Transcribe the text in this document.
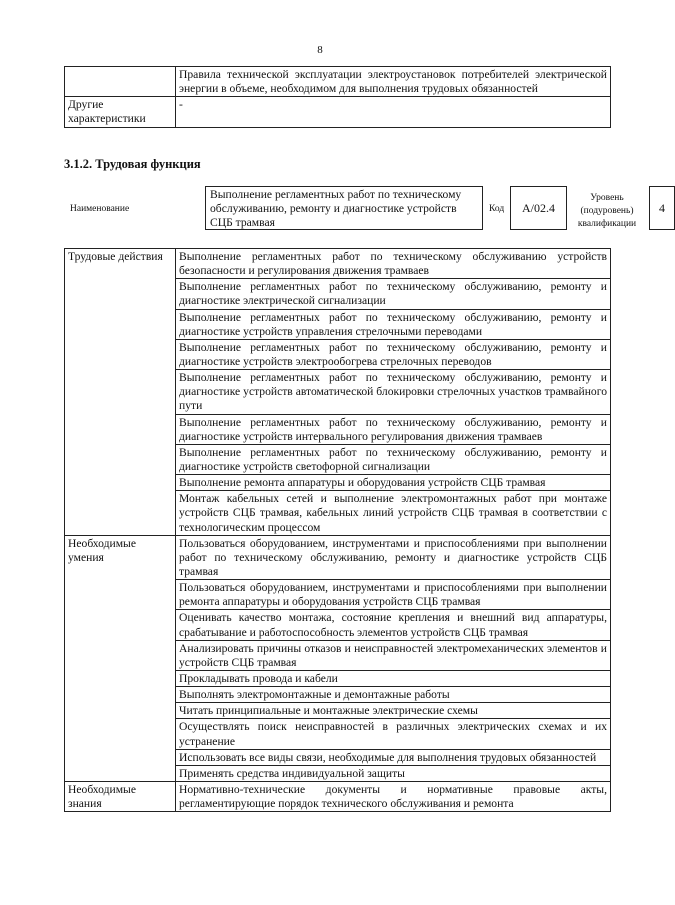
8
	Правила технической эксплуатации электроустановок потребителей электрической энергии в объеме, необходимом для выполнения трудовых обязанностей
Другие характеристики	-
3.1.2. Трудовая функция
Наименование
Выполнение регламентных работ по техническому обслуживанию, ремонту и диагностике устройств СЦБ трамвая
Код	А/02.4
Уровень (подуровень) квалификации
4
Трудовые действия	Выполнение регламентных работ по техническому обслуживанию устройств безопасности и регулирования движения трамваев
	Выполнение регламентных работ по техническому обслуживанию, ремонту и диагностике электрической сигнализации
	Выполнение регламентных работ по техническому обслуживанию, ремонту и диагностике устройств управления стрелочными переводами
	Выполнение регламентных работ по техническому обслуживанию, ремонту и диагностике устройств электрообогрева стрелочных переводов
	Выполнение регламентных работ по техническому обслуживанию, ремонту и диагностике устройств автоматической блокировки стрелочных участков трамвайного пути
	Выполнение регламентных работ по техническому обслуживанию, ремонту и диагностике устройств интервального регулирования движения трамваев
	Выполнение регламентных работ по техническому обслуживанию, ремонту и диагностике устройств светофорной сигнализации
	Выполнение ремонта аппаратуры и оборудования устройств СЦБ трамвая
	Монтаж кабельных сетей и выполнение электромонтажных работ при монтаже устройств СЦБ трамвая, кабельных линий устройств СЦБ трамвая в соответствии с технологическим процессом
Необходимые умения	Пользоваться оборудованием, инструментами и приспособлениями при выполнении работ по техническому обслуживанию, ремонту и диагностике устройств СЦБ трамвая
	Пользоваться оборудованием, инструментами и приспособлениями при выполнении ремонта аппаратуры и оборудования устройств СЦБ трамвая
	Оценивать качество монтажа, состояние крепления и внешний вид аппаратуры, срабатывание и работоспособность элементов устройств СЦБ трамвая
	Анализировать причины отказов и неисправностей электромеханических элементов и устройств СЦБ трамвая
	Прокладывать провода и кабели
	Выполнять электромонтажные и демонтажные работы
	Читать принципиальные и монтажные электрические схемы
	Осуществлять поиск неисправностей в различных электрических схемах и их устранение
	Использовать все виды связи, необходимые для выполнения трудовых обязанностей
	Применять средства индивидуальной защиты
Необходимые знания	Нормативно-технические документы и нормативные правовые акты, регламентирующие порядок технического обслуживания и ремонта
